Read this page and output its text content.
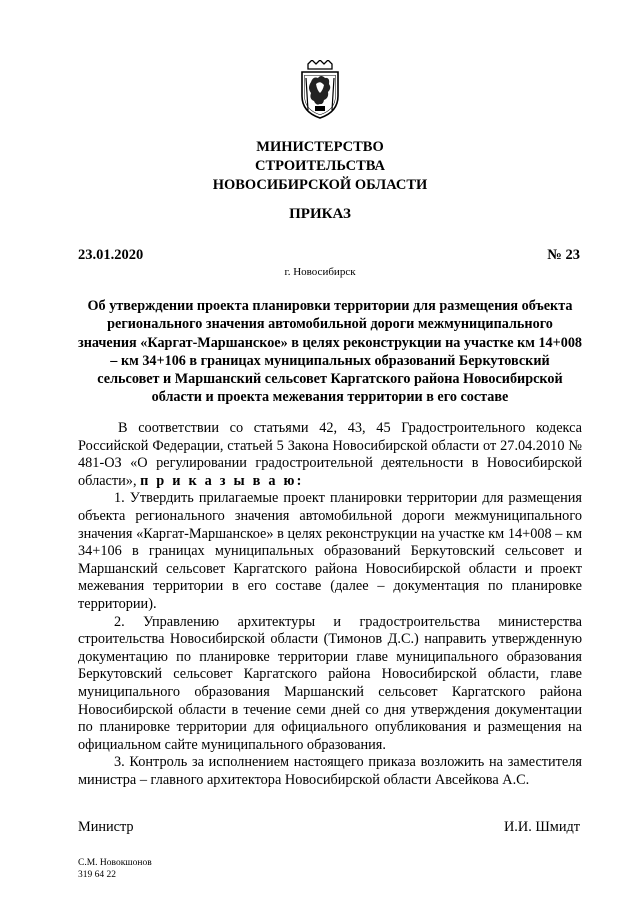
МИНИСТЕРСТВО
СТРОИТЕЛЬСТВА
НОВОСИБИРСКОЙ ОБЛАСТИ
ПРИКАЗ
23.01.2020	№ 23
г. Новосибирск
Об утверждении проекта планировки территории для размещения объекта регионального значения автомобильной дороги межмуниципального значения «Каргат-Маршанское» в целях реконструкции на участке км 14+008 – км 34+106 в границах муниципальных образований Беркутовский сельсовет и Маршанский сельсовет Каргатского района Новосибирской области и проекта межевания территории в его составе

В соответствии со статьями 42, 43, 45 Градостроительного кодекса Российской Федерации, статьей 5 Закона Новосибирской области от 27.04.2010 № 481-ОЗ «О регулировании градостроительной деятельности в Новосибирской области», п р и к а з ы в а ю:

1. Утвердить прилагаемые проект планировки территории для размещения объекта регионального значения автомобильной дороги межмуниципального значения «Каргат-Маршанское» в целях реконструкции на участке км 14+008 – км 34+106 в границах муниципальных образований Беркутовский сельсовет и Маршанский сельсовет Каргатского района Новосибирской области и проект межевания территории в его составе (далее – документация по планировке территории).

2. Управлению архитектуры и градостроительства министерства строительства Новосибирской области (Тимонов Д.С.) направить утвержденную документацию по планировке территории главе муниципального образования Беркутовский сельсовет Каргатского района Новосибирской области, главе муниципального образования Маршанский сельсовет Каргатского района Новосибирской области в течение семи дней со дня утверждения документации по планировке территории для официального опубликования и размещения на официальном сайте муниципального образования.

3. Контроль за исполнением настоящего приказа возложить на заместителя министра – главного архитектора Новосибирской области Авсейкова А.С.

Министр	И.И. Шмидт
С.М. Новокшонов
319 64 22
